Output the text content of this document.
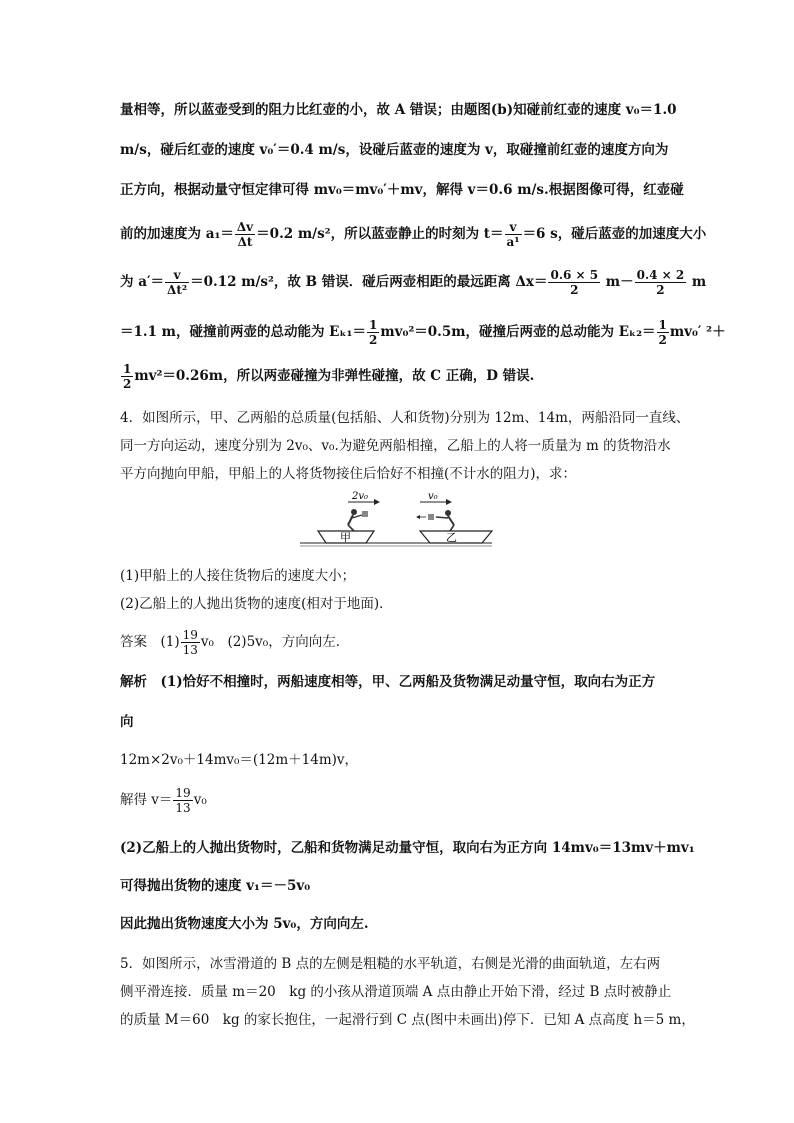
量相等，所以蓝壶受到的阻力比红壶的小，故 A 错误；由题图(b)知碰前红壶的速度 v₀＝1.0
m/s，碰后红壶的速度 v₀′＝0.4 m/s，设碰后蓝壶的速度为 v，取碰撞前红壶的速度方向为
正方向，根据动量守恒定律可得 mv₀＝mv₀′＋mv，解得 v＝0.6 m/s.根据图像可得，红壶碰
前的加速度为 $a_1= \frac{\Delta v}{\Delta t} =0.2$ m/s²，所以蓝壶静止的时刻为 $t= \frac{v}{\text{a¹}} =6$ s，碰后蓝壶的加速度大小
为 $a'= \frac{v}{\text{Δt²}} =0.12$ m/s²，故 B 错误．碰后两壶相距的最远距离 $\Delta x= \frac{0.6 \times 5}{2} m- \frac{0.4 \times 2}{2}$ m
＝1.1 m，碰撞前两壶的总动能为 $E_{k1}= \frac{1}{2} mv_0^2=0.5m$，碰撞后两壶的总动能为 $E_{k2}= \frac{1}{2} mv_0'$ ²＋
$\frac{1}{2} mv^2=0.26m$，所以两壶碰撞为非弹性碰撞，故 C 正确，D 错误.
4．如图所示，甲、乙两船的总质量(包括船、人和货物)分别为 12m、14m，两船沿同一直线、
同一方向运动，速度分别为 2v₀、v₀.为避免两船相撞，乙船上的人将一质量为 m 的货物沿水
平方向抛向甲船，甲船上的人将货物接住后恰好不相撞(不计水的阻力)，求：
甲
2v₀
乙
v₀
(1)甲船上的人接住货物后的速度大小；
(2)乙船上的人抛出货物的速度(相对于地面)．
答案　$(1) \frac{19}{13} v_0$　(2)5v₀，方向向左．
解析　(1)恰好不相撞时，两船速度相等，甲、乙两船及货物满足动量守恒，取向右为正方
向
12m×2v₀＋14mv₀＝(12m＋14m)v，
解得 $v= \frac{19}{13} v_0$
(2)乙船上的人抛出货物时，乙船和货物满足动量守恒，取向右为正方向 14mv₀＝13mv＋mv₁
可得抛出货物的速度 v₁＝－5v₀
因此抛出货物速度大小为 5v₀，方向向左.
5．如图所示，冰雪滑道的 B 点的左侧是粗糙的水平轨道，右侧是光滑的曲面轨道，左右两
侧平滑连接．质量 m＝20　kg 的小孩从滑道顶端 A 点由静止开始下滑，经过 B 点时被静止
的质量 M＝60　kg 的家长抱住，一起滑行到 C 点(图中未画出)停下．已知 A 点高度 h＝5 m，
